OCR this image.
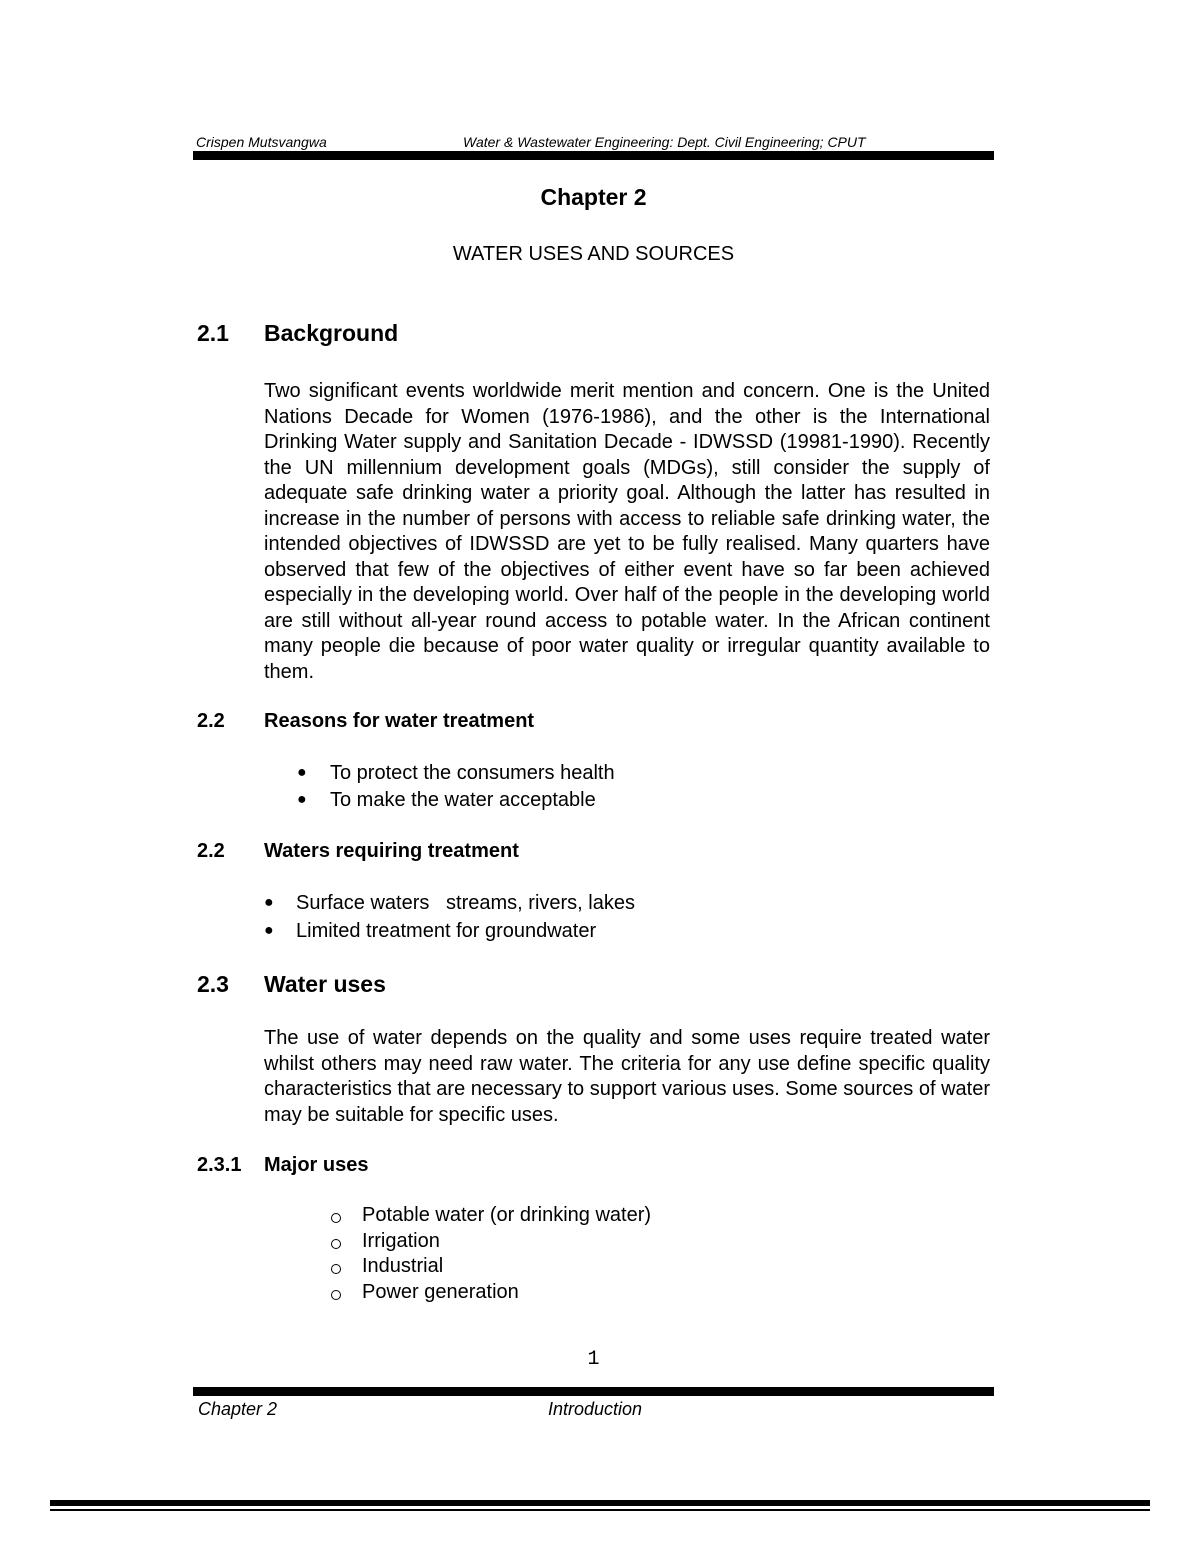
Crispen Mutsvangwa	Water & Wastewater Engineering: Dept. Civil Engineering; CPUT
Chapter 2
WATER USES AND SOURCES
2.1 Background
Two significant events worldwide merit mention and concern. One is the United Nations Decade for Women (1976-1986), and the other is the International Drinking Water supply and Sanitation Decade - IDWSSD (19981-1990). Recently the UN millennium development goals (MDGs), still consider the supply of adequate safe drinking water a priority goal. Although the latter has resulted in increase in the number of persons with access to reliable safe drinking water, the intended objectives of IDWSSD are yet to be fully realised. Many quarters have observed that few of the objectives of either event have so far been achieved especially in the developing world. Over half of the people in the developing world are still without all-year round access to potable water. In the African continent many people die because of poor water quality or irregular quantity available to them.
2.2 Reasons for water treatment
● To protect the consumers health
● To make the water acceptable
2.2 Waters requiring treatment
● Surface waters   streams, rivers, lakes
● Limited treatment for groundwater
2.3 Water uses
The use of water depends on the quality and some uses require treated water whilst others may need raw water. The criteria for any use define specific quality characteristics that are necessary to support various uses. Some sources of water may be suitable for specific uses.
2.3.1 Major uses
Potable water (or drinking water)
Irrigation
Industrial
Power generation
1
Chapter 2	Introduction
